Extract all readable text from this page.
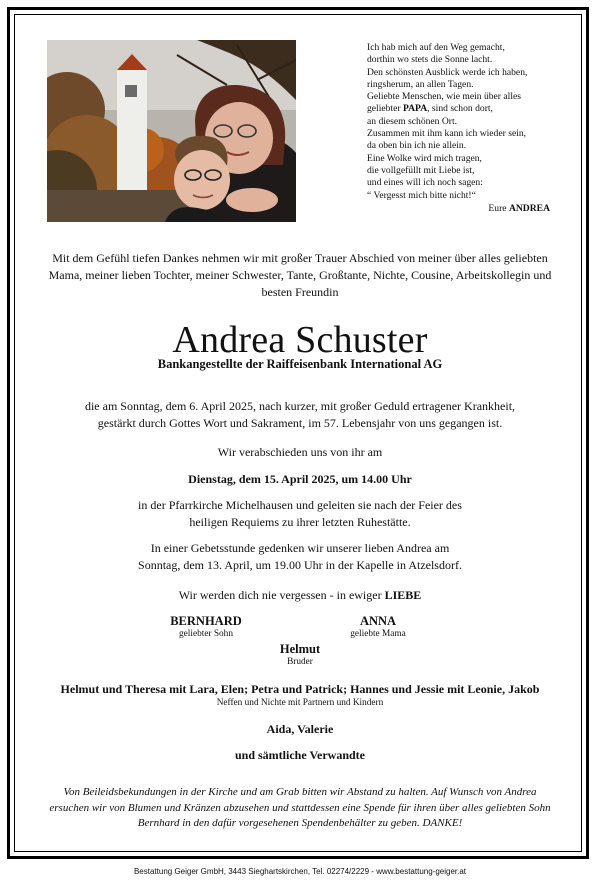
Ich hab mich auf den Weg gemacht,
dorthin wo stets die Sonne lacht.
Den schönsten Ausblick werde ich haben,
ringsherum, an allen Tagen.
Geliebte Menschen, wie mein über alles
geliebter PAPA, sind schon dort,
an diesem schönen Ort.
Zusammen mit ihm kann ich wieder sein,
da oben bin ich nie allein.
Eine Wolke wird mich tragen,
die vollgefüllt mit Liebe ist,
und eines will ich noch sagen:
“ Vergesst mich bitte nicht!“
Eure ANDREA
Mit dem Gefühl tiefen Dankes nehmen wir mit großer Trauer Abschied von meiner über alles geliebten Mama, meiner lieben Tochter, meiner Schwester, Tante, Großtante, Nichte, Cousine, Arbeitskollegin und besten Freundin
Andrea Schuster
Bankangestellte der Raiffeisenbank International AG
die am Sonntag, dem 6. April 2025, nach kurzer, mit großer Geduld ertragener Krankheit,
gestärkt durch Gottes Wort und Sakrament, im 57. Lebensjahr von uns gegangen ist.
Wir verabschieden uns von ihr am
Dienstag, dem 15. April 2025, um 14.00 Uhr
in der Pfarrkirche Michelhausen und geleiten sie nach der Feier des
heiligen Requiems zu ihrer letzten Ruhestätte.
In einer Gebetsstunde gedenken wir unserer lieben Andrea am
Sonntag, dem 13. April, um 19.00 Uhr in der Kapelle in Atzelsdorf.
Wir werden dich nie vergessen - in ewiger LIEBE
BERNHARD
geliebter Sohn
ANNA
geliebte Mama
Helmut
Bruder
Helmut und Theresa mit Lara, Elen; Petra und Patrick; Hannes und Jessie mit Leonie, Jakob
Neffen und Nichte mit Partnern und Kindern
Aida, Valerie
und sämtliche Verwandte
Von Beileidsbekundungen in der Kirche und am Grab bitten wir Abstand zu halten. Auf Wunsch von Andrea ersuchen wir von Blumen und Kränzen abzusehen und stattdessen eine Spende für ihren über alles geliebten Sohn Bernhard in den dafür vorgesehenen Spendenbehälter zu geben. DANKE!
Bestattung Geiger GmbH, 3443 Sieghartskirchen, Tel. 02274/2229 - www.bestattung-geiger.at
